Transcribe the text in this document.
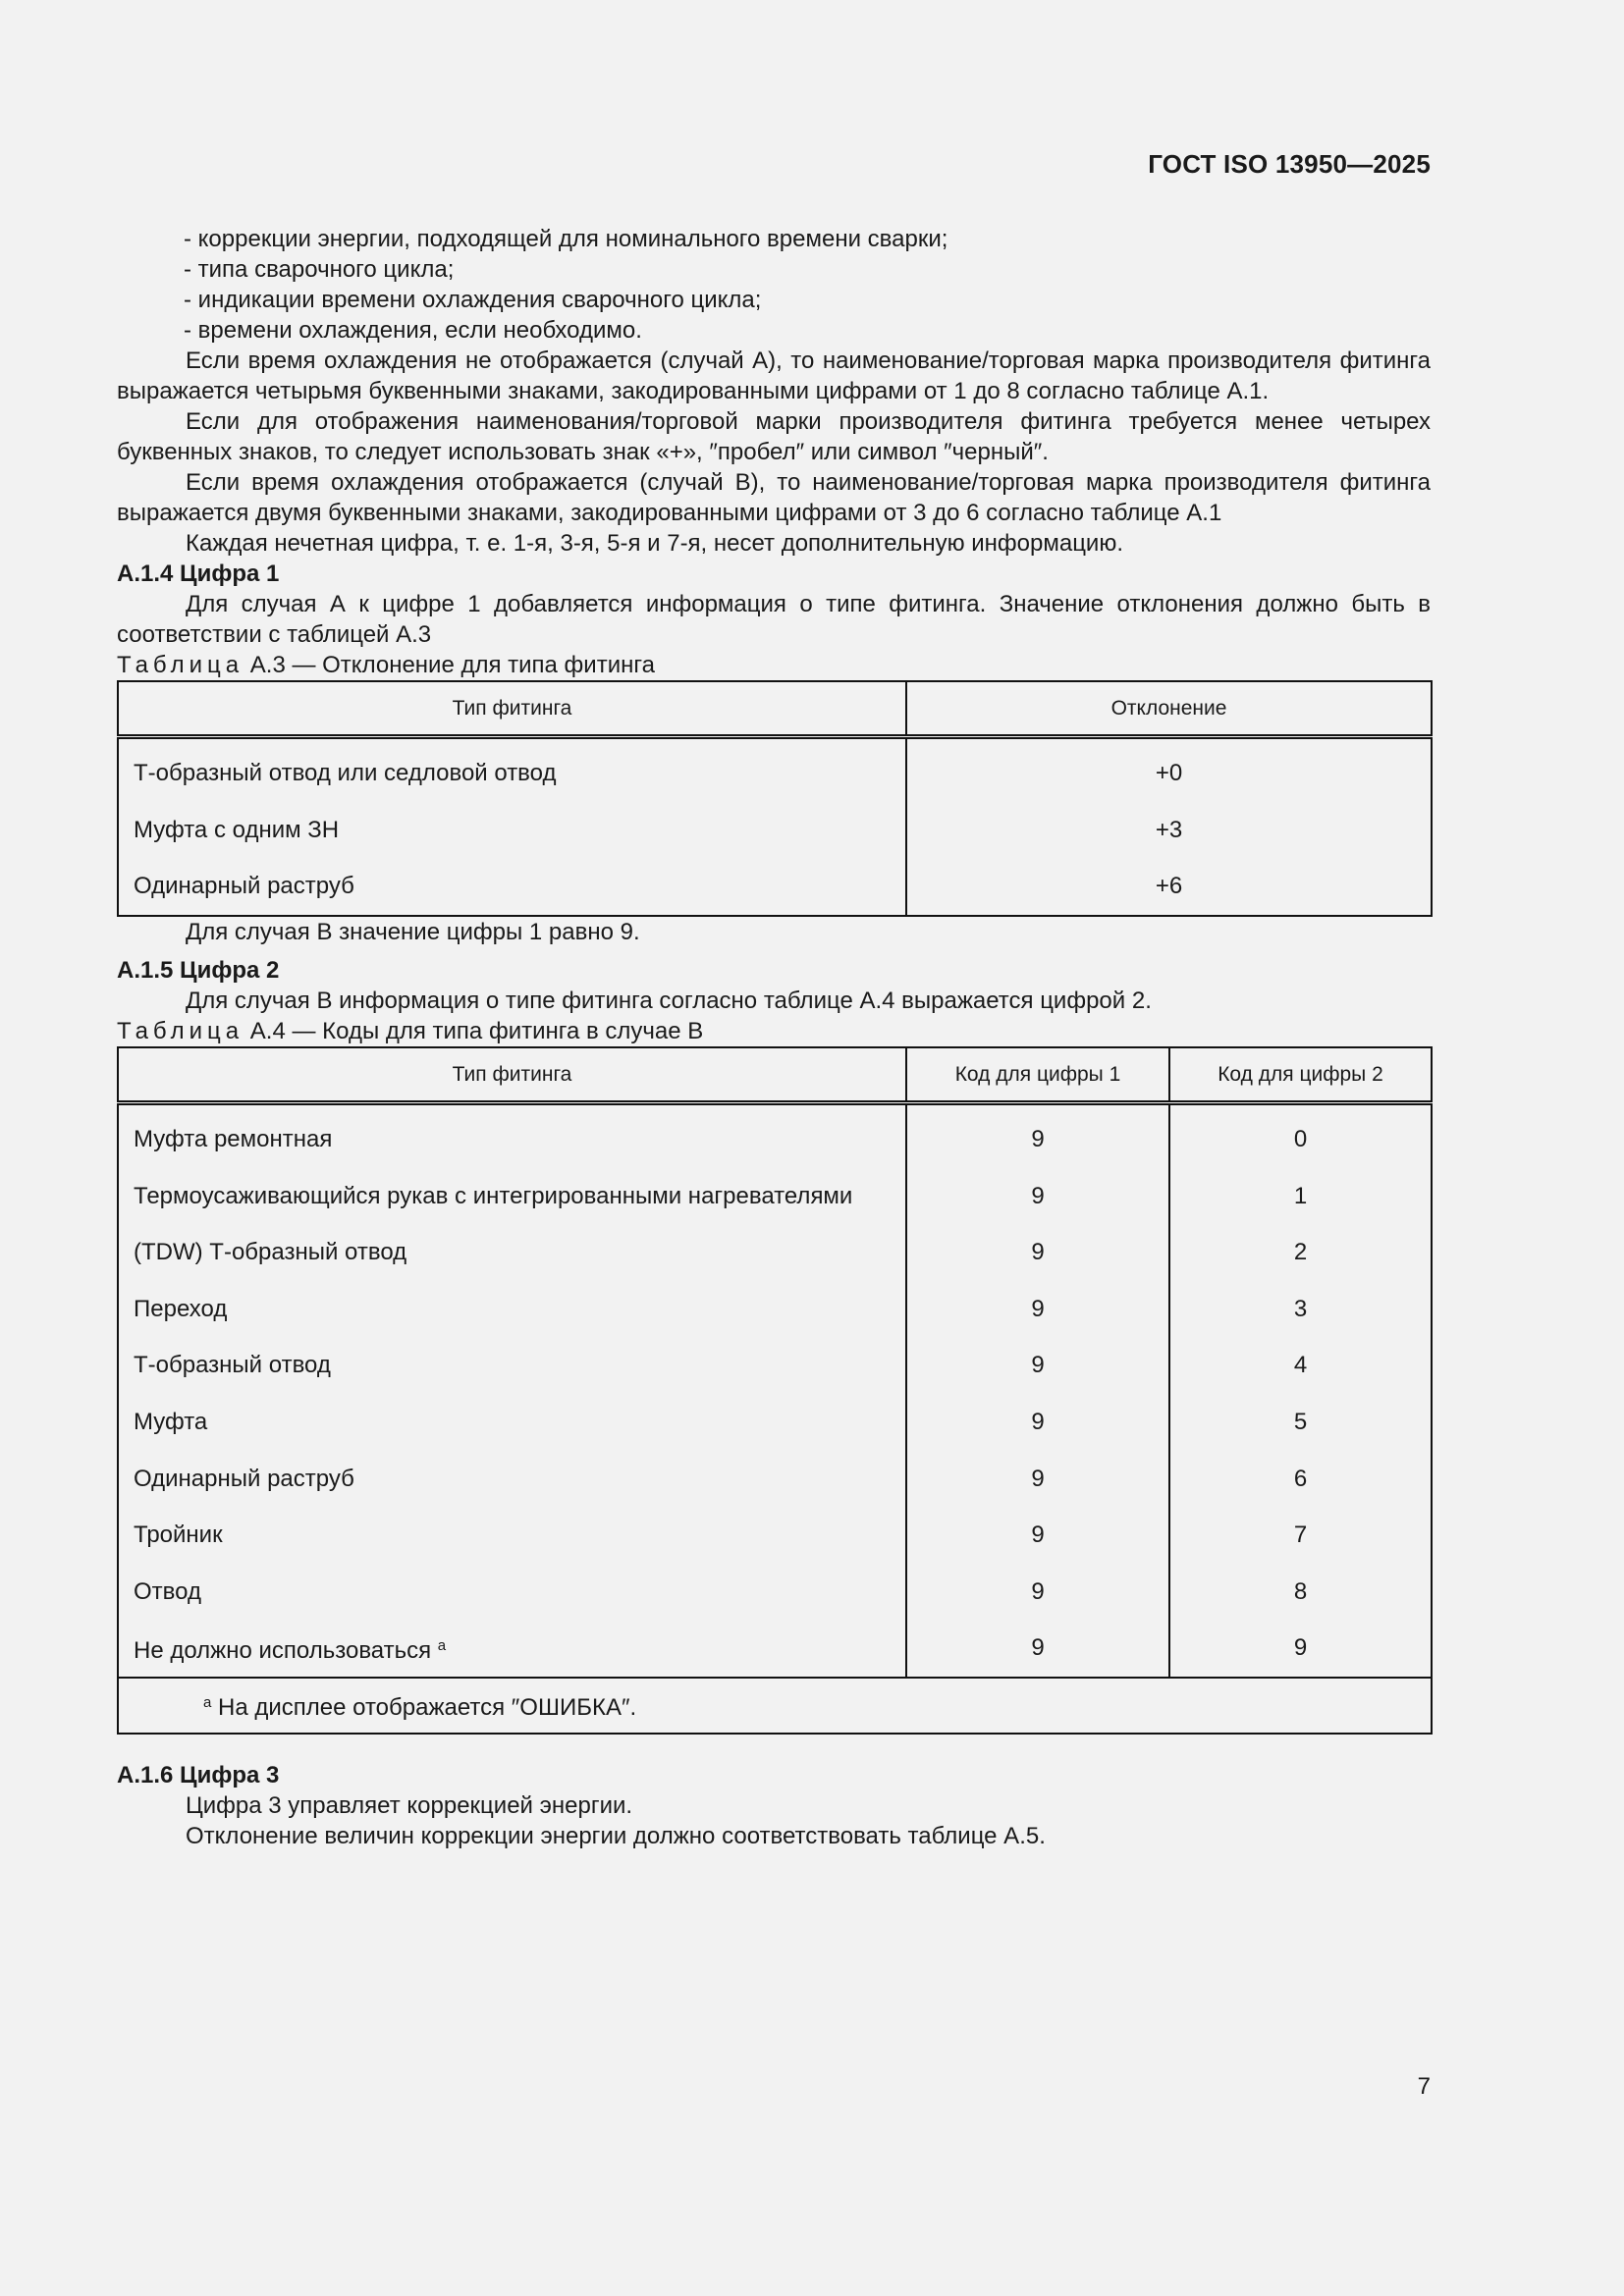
ГОСТ ISO 13950—2025

- коррекции энергии, подходящей для номинального времени сварки;

- типа сварочного цикла;

- индикации времени охлаждения сварочного цикла;

- времени охлаждения, если необходимо.

Если время охлаждения не отображается (случай А), то наименование/торговая марка производителя фитинга выражается четырьмя буквенными знаками, закодированными цифрами от 1 до 8 согласно таблице А.1.

Если для отображения наименования/торговой марки производителя фитинга требуется менее четырех буквенных знаков, то следует использовать знак «+», ″пробел″ или символ ″черный″.

Если время охлаждения отображается (случай В), то наименование/торговая марка производителя фитинга выражается двумя буквенными знаками, закодированными цифрами от 3 до 6 согласно таблице А.1

Каждая нечетная цифра, т. е. 1-я, 3-я, 5-я и 7-я, несет дополнительную информацию.

А.1.4 Цифра 1

Для случая А к цифре 1 добавляется информация о типе фитинга. Значение отклонения должно быть в соответствии с таблицей А.3

Таблица А.3 — Отклонение для типа фитинга

Тип фитинга	Отклонение
Т-образный отвод или седловой отвод	+0
Муфта с одним ЗН	+3
Одинарный раструб	+6

Для случая В значение цифры 1 равно 9.

А.1.5 Цифра 2

Для случая В информация о типе фитинга согласно таблице А.4 выражается цифрой 2.

Таблица А.4 — Коды для типа фитинга в случае В

Тип фитинга	Код для цифры 1	Код для цифры 2
Муфта ремонтная	9	0
Термоусаживающийся рукав с интегрированными нагревателями	9	1
(TDW) Т-образный отвод	9	2
Переход	9	3
Т-образный отвод	9	4
Муфта	9	5
Одинарный раструб	9	6
Тройник	9	7
Отвод	9	8
Не должно использоваться $^a$	9	9
$^a$ На дисплее отображается ″ОШИБКА″.		

А.1.6 Цифра 3

Цифра 3 управляет коррекцией энергии.

Отклонение величин коррекции энергии должно соответствовать таблице А.5.

7
